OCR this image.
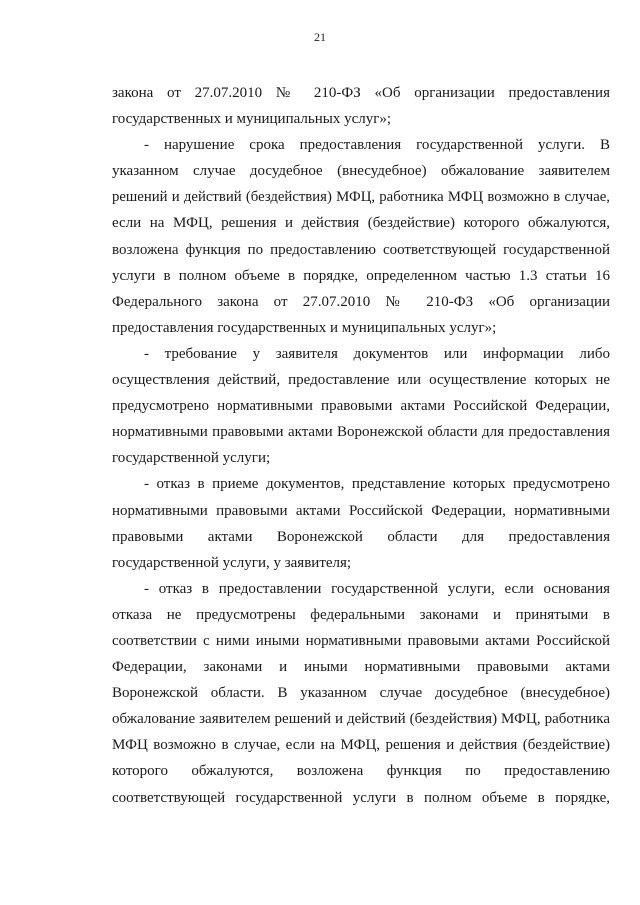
21
закона от 27.07.2010 № 210-ФЗ «Об организации предоставления
государственных и муниципальных услуг»;
- нарушение срока предоставления государственной услуги. В
указанном случае досудебное (внесудебное) обжалование заявителем
решений и действий (бездействия) МФЦ, работника МФЦ возможно в случае,
если на МФЦ, решения и действия (бездействие) которого обжалуются,
возложена функция по предоставлению соответствующей государственной
услуги в полном объеме в порядке, определенном частью 1.3 статьи 16
Федерального закона от 27.07.2010 № 210-ФЗ «Об организации
предоставления государственных и муниципальных услуг»;
- требование у заявителя документов или информации либо
осуществления действий, предоставление или осуществление которых не
предусмотрено нормативными правовыми актами Российской Федерации,
нормативными правовыми актами Воронежской области для предоставления
государственной услуги;
- отказ в приеме документов, представление которых предусмотрено
нормативными правовыми актами Российской Федерации, нормативными
правовыми актами Воронежской области для предоставления
государственной услуги, у заявителя;
- отказ в предоставлении государственной услуги, если основания
отказа не предусмотрены федеральными законами и принятыми в
соответствии с ними иными нормативными правовыми актами Российской
Федерации, законами и иными нормативными правовыми актами
Воронежской области. В указанном случае досудебное (внесудебное)
обжалование заявителем решений и действий (бездействия) МФЦ, работника
МФЦ возможно в случае, если на МФЦ, решения и действия (бездействие)
которого обжалуются, возложена функция по предоставлению
соответствующей государственной услуги в полном объеме в порядке,
